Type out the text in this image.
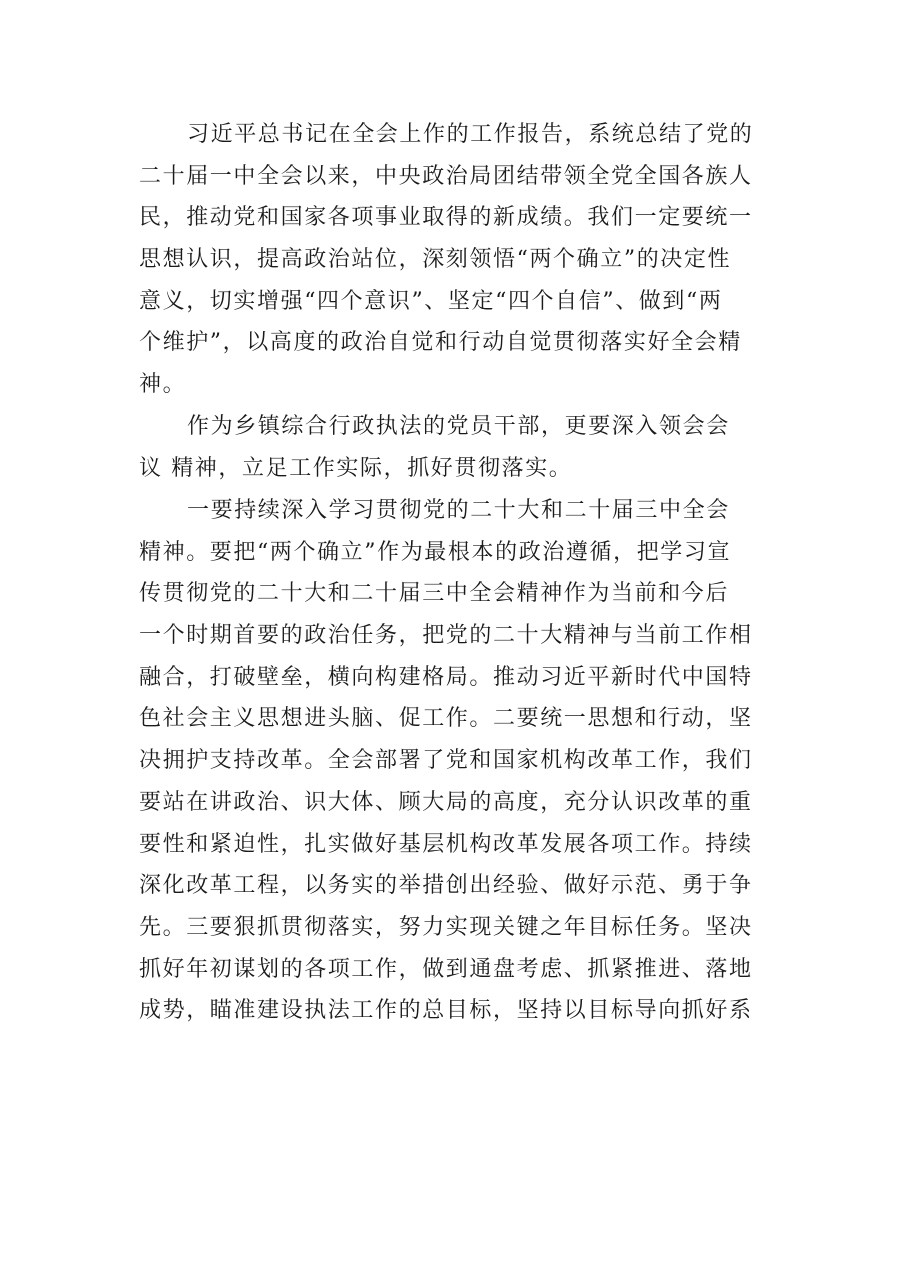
习近平总书记在全会上作的工作报告，系统总结了党的
二十届一中全会以来，中央政治局团结带领全党全国各族人
民，推动党和国家各项事业取得的新成绩。我们一定要统一
思想认识，提高政治站位，深刻领悟“两个确立”的决定性
意义，切实增强“四个意识”、坚定“四个自信”、做到“两
个维护”，以高度的政治自觉和行动自觉贯彻落实好全会精
神。
作为乡镇综合行政执法的党员干部，更要深入领会会
议 精神，立足工作实际，抓好贯彻落实。
一要持续深入学习贯彻党的二十大和二十届三中全会
精神。要把“两个确立”作为最根本的政治遵循，把学习宣
传贯彻党的二十大和二十届三中全会精神作为当前和今后
一个时期首要的政治任务，把党的二十大精神与当前工作相
融合，打破壁垒，横向构建格局。推动习近平新时代中国特
色社会主义思想进头脑、促工作。二要统一思想和行动，坚
决拥护支持改革。全会部署了党和国家机构改革工作，我们
要站在讲政治、识大体、顾大局的高度，充分认识改革的重
要性和紧迫性，扎实做好基层机构改革发展各项工作。持续
深化改革工程，以务实的举措创出经验、做好示范、勇于争
先。三要狠抓贯彻落实，努力实现关键之年目标任务。坚决
抓好年初谋划的各项工作，做到通盘考虑、抓紧推进、落地
成势，瞄准建设执法工作的总目标，坚持以目标导向抓好系
